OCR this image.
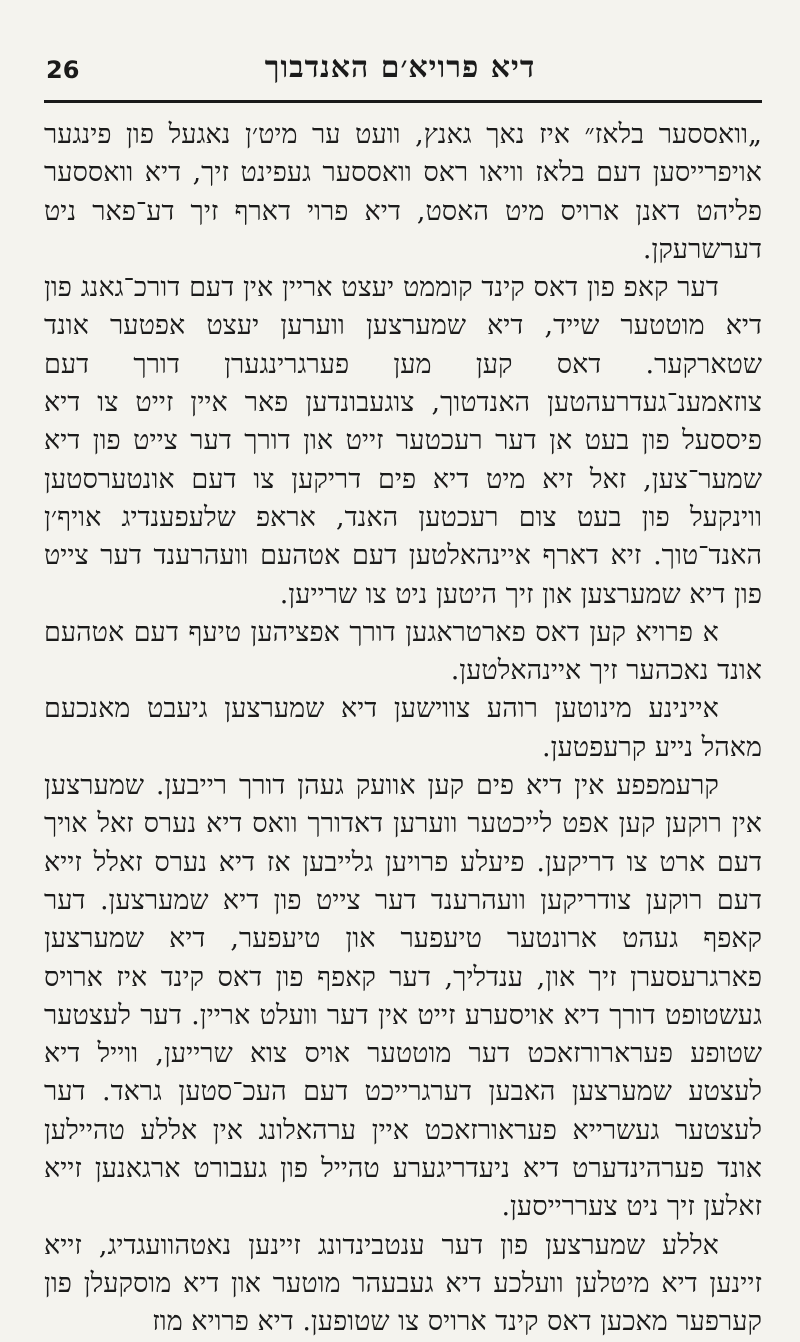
26	דיא פרויא׳ם האנדבוך

„וואססער בלאז״ איז נאך גאנץ, וועט ער מיט׳ן נאגעל פון פינגער אויפרייסען דעם בלאז וויאו ראס וואססער געפינט זיך, דיא וואססער פליהט דאנן ארויס מיט האסט, דיא פרוי דארף זיך דע־פאר ניט דערשרעקן.

דער קאפ פון דאס קינד קוממט יעצט אריין אין דעם דורכ־גאנג פון דיא מוטטער שייד, דיא שמערצען ווערען יעצט אפטער אונד שטארקער. דאס קען מען פערגרינגערן דורך דעם צוזאמענ־געדרעהטען האנדטוך, צוגעבונדען פאר איין זייט צו דיא פיססעל פון בעט אן דער רעכטער זייט און דורך דער צייט פון דיא שמער־צען, זאל זיא מיט דיא פים דריקען צו דעם אונטערסטען ווינקעל פון בעט צום רעכטען האנד, אראפ שלעפענדיג אויף׳ן האנד־טוך. זיא דארף איינהאלטען דעם אטהעם וועהרענד דער צייט פון דיא שמערצען און זיך היטען ניט צו שרייען.

א פרויא קען דאס פארטראגען דורך אפציהען טיעף דעם אטהעם אונד נאכהער זיך איינהאלטען.

איינינע מינוטען רוהע צווישען דיא שמערצען גיעבט מאנכעם מאהל נייע קרעפטען.

קרעמפפע אין דיא פים קען אוועק געהן דורך רייבען. שמערצען אין רוקען קען אפט לייכטער ווערען דאדורך וואס דיא נערס זאל אויך דעם ארט צו דריקען. פיעלע פרויען גלייבען אז דיא נערס זאלל זייא דעם רוקען צודריקען וועהרענד דער צייט פון דיא שמערצען. דער קאפף געהט ארונטער טיעפער און טיעפער, דיא שמערצען פארגרעסערן זיך און, ענדליך, דער קאפף פון דאס קינד איז ארויס געשטופט דורך דיא אויסערע זייט אין דער וועלט אריין. דער לעצטער שטופע פערארורזאכט דער מוטטער אויס צוא שרייען, ווייל דיא לעצטע שמערצען האבען דערגרייכט דעם העכ־סטען גראד. דער לעצטער געשרייא פעראורזאכט איין ערהאלונג אין אללע טהיילען אונד פערהינדערט דיא ניעדריגערע טהייל פון געבורט ארגאנען זייא זאלען זיך ניט צעררייסען.

אללע שמערצען פון דער ענטבינדונג זיינען נאטהוועגדיג, זייא זיינען דיא מיטלען וועלכע דיא געבעהר מוטער און דיא מוסקעלן פון קערפער מאכען דאס קינד ארויס צו שטופען. דיא פרויא מוז
